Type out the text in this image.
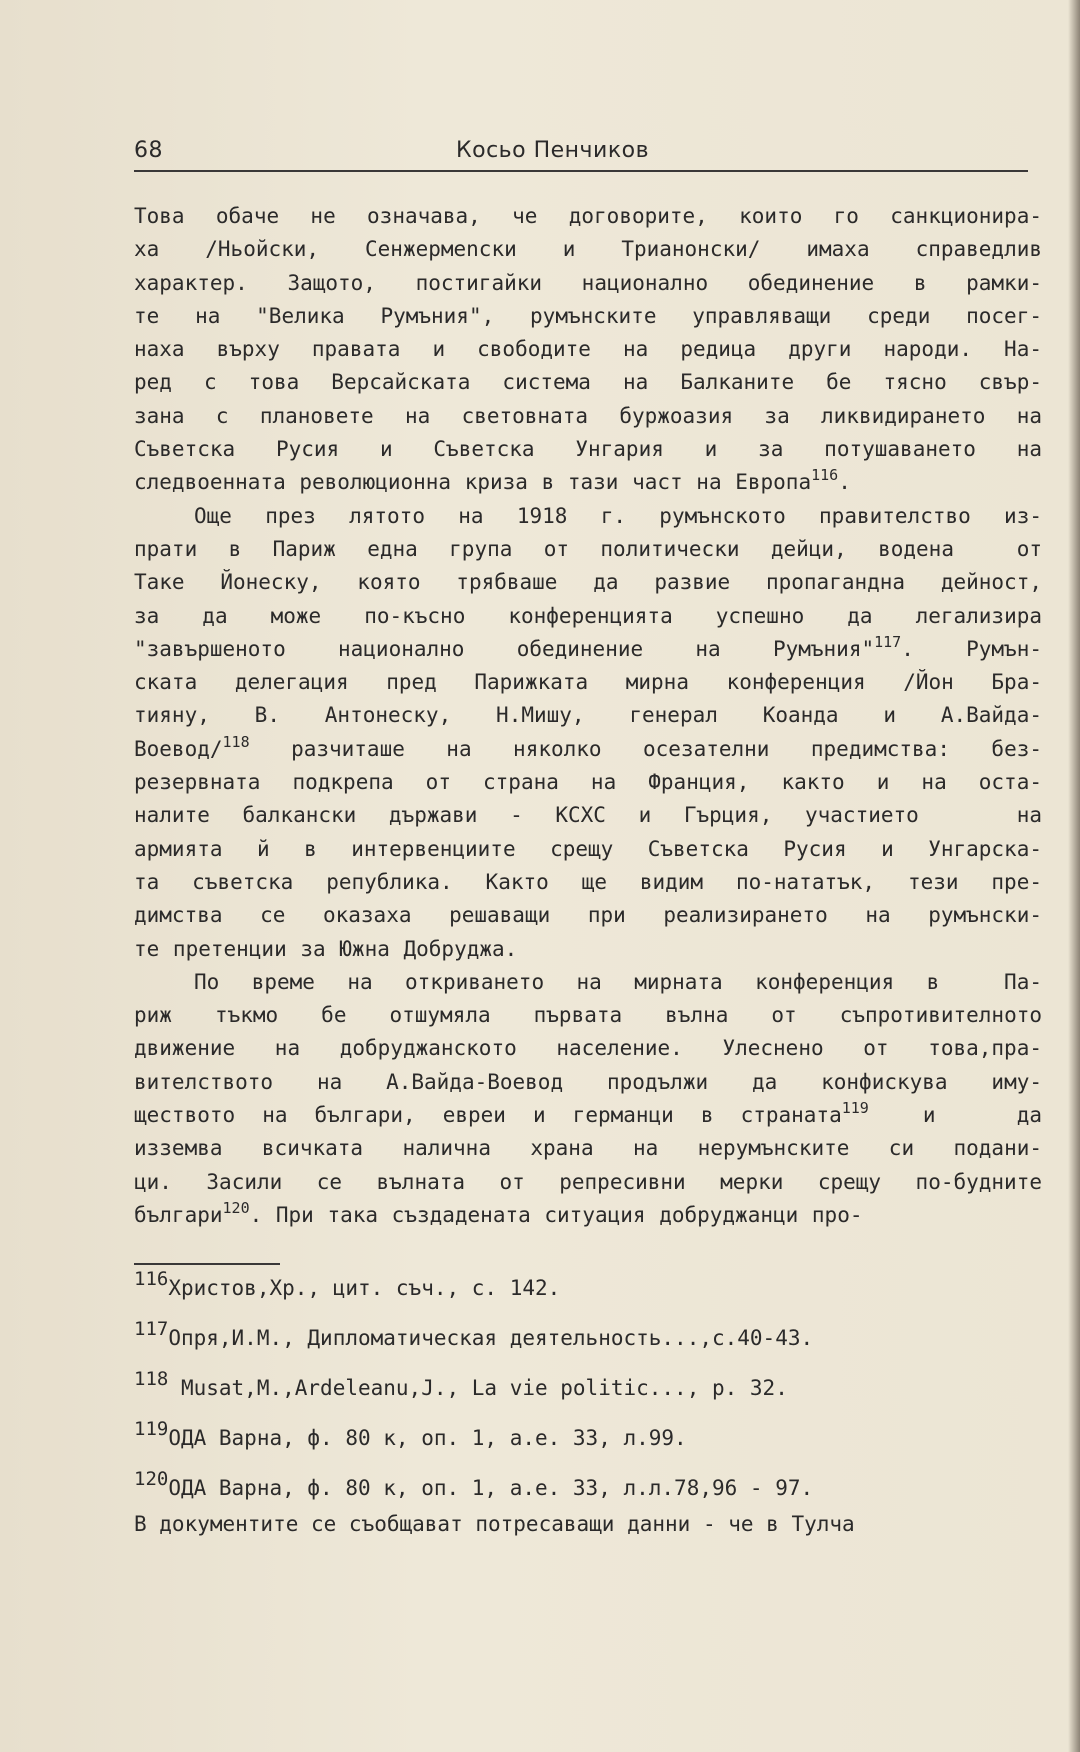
68	Косьо Пенчиков
Това обаче не означава, че договорите, които го санкционира-
ха /Ньойски, Сенжермenски и Трианонски/ имаха справедлив
характер. Защото, постигайки национално обединение в рамки-
те на "Велика Румъния", румънските управляващи среди посег-
наха върху правата и свободите на редица други народи. На-
ред с това Версайската система на Балканите бе тясно свър-
зана с плановете на световната буржоазия за ликвидирането на
Съветска Русия и Съветска Унгария и за потушаването на
следвоенната революционна криза в тази част на Европа$^{116}$.
Още през лятото на 1918 г. румънското правителство из-
прати в Париж една група от политически дейци, водена  от
Таке Йонеску, която трябваше да развие пропагандна дейност,
за да може по-късно конференцията успешно да легализира
"завършеното национално обединение на Румъния"$^{117}$. Румън-
ската делегация пред Парижката мирна конференция /Йон Бра-
тияну, В. Антонеску, Н.Мишу, генерал Коанда и А.Вайда-
Воевод/$^{118}$ разчиташе на няколко осезателни предимства: без-
резервната подкрепа от страна на Франция, както и на оста-
налите балкански държави - КСХС и Гърция, участието   на
армията й в интервенциите срещу Съветска Русия и Унгарска-
та съветска република. Както ще видим по-нататък, тези пре-
димства се оказаха решаващи при реализирането на румънски-
те претенции за Южна Добруджа.
По време на откриването на мирната конференция в  Па-
риж тъкмо бе отшумяла първата вълна от съпротивителното
движение на добруджанското население. Улеснено от това,пра-
вителството на А.Вайда-Воевод продължи да конфискува иму-
ществото на българи, евреи и германци в страната$^{119}$  и   да
изземва всичката налична храна на нерумънските си подани-
ци. Засили се вълната от репресивни мерки срещу по-будните
българи$^{120}$. При така създадената ситуация добруджанци про-
116Христов,Хр., цит. съч., с. 142.
117Опря,И.М., Дипломатическая деятельность...,с.40-43.
118 Musat,M.,Ardeleanu,J., La vie politic..., p. 32.
119ОДА Варна, ф. 80 к, оп. 1, а.е. 33, л.99.
120ОДА Варна, ф. 80 к, оп. 1, а.е. 33, л.л.78,96 - 97.
В документите се съобщават потресаващи данни - че в Тулча
